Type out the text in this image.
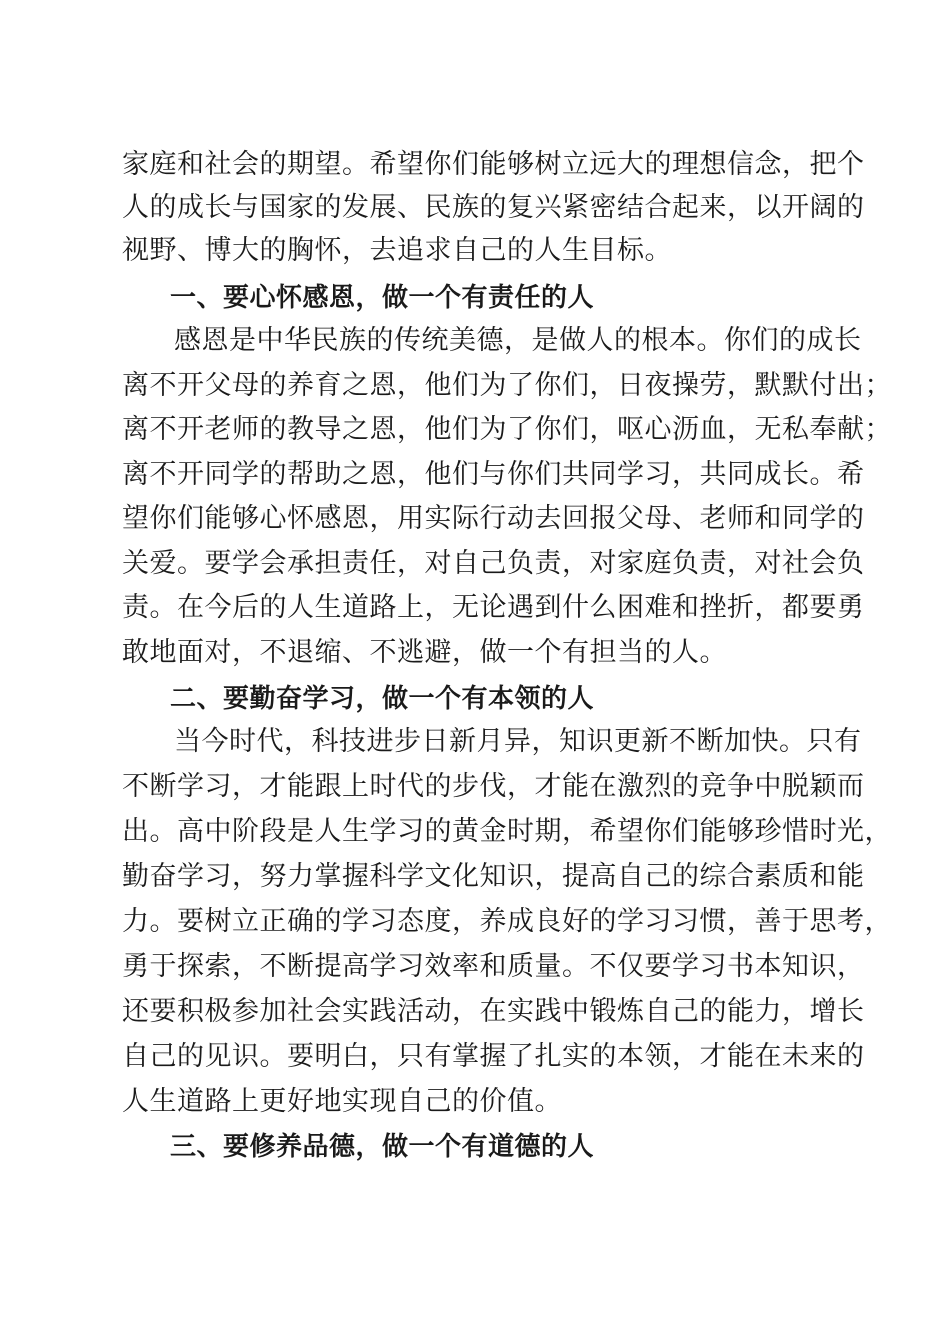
家庭和社会的期望。希望你们能够树立远大的理想信念，把个
人的成长与国家的发展、民族的复兴紧密结合起来，以开阔的
视野、博大的胸怀，去追求自己的人生目标。
一、要心怀感恩，做一个有责任的人
感恩是中华民族的传统美德，是做人的根本。你们的成长
离不开父母的养育之恩，他们为了你们，日夜操劳，默默付出；
离不开老师的教导之恩，他们为了你们，呕心沥血，无私奉献；
离不开同学的帮助之恩，他们与你们共同学习，共同成长。希
望你们能够心怀感恩，用实际行动去回报父母、老师和同学的
关爱。要学会承担责任，对自己负责，对家庭负责，对社会负
责。在今后的人生道路上，无论遇到什么困难和挫折，都要勇
敢地面对，不退缩、不逃避，做一个有担当的人。
二、要勤奋学习，做一个有本领的人
当今时代，科技进步日新月异，知识更新不断加快。只有
不断学习，才能跟上时代的步伐，才能在激烈的竞争中脱颖而
出。高中阶段是人生学习的黄金时期，希望你们能够珍惜时光，
勤奋学习，努力掌握科学文化知识，提高自己的综合素质和能
力。要树立正确的学习态度，养成良好的学习习惯，善于思考，
勇于探索，不断提高学习效率和质量。不仅要学习书本知识，
还要积极参加社会实践活动，在实践中锻炼自己的能力，增长
自己的见识。要明白，只有掌握了扎实的本领，才能在未来的
人生道路上更好地实现自己的价值。
三、要修养品德，做一个有道德的人
